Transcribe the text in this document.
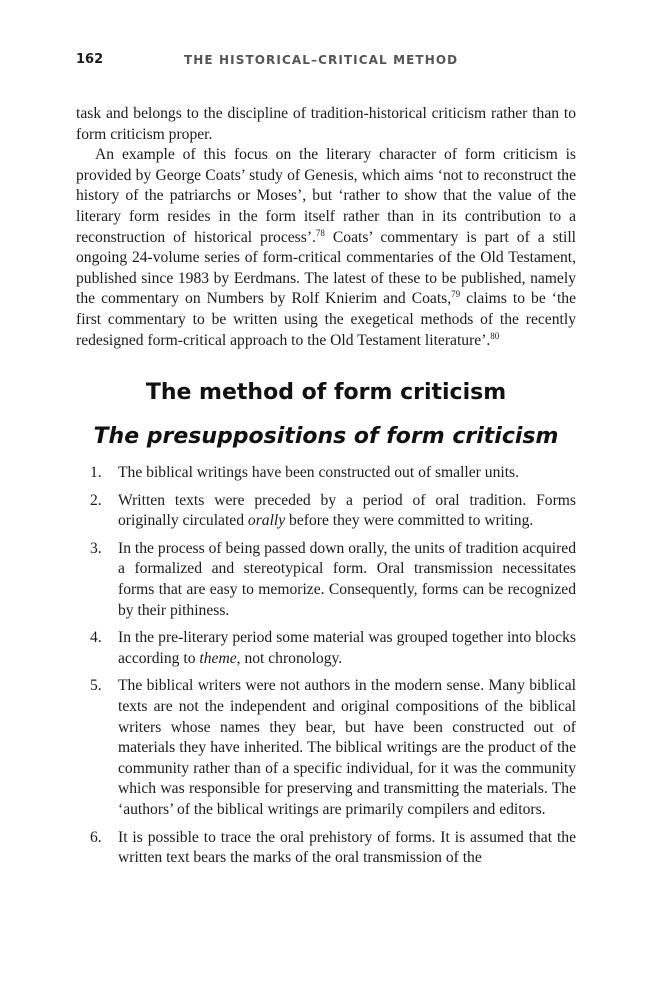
162	THE HISTORICAL–CRITICAL METHOD

task and belongs to the discipline of tradition-historical criticism rather than to form criticism proper.

An example of this focus on the literary character of form criticism is provided by George Coats’ study of Genesis, which aims ‘not to reconstruct the history of the patriarchs or Moses’, but ‘rather to show that the value of the literary form resides in the form itself rather than in its contribution to a reconstruction of historical process’.$^{78}$ Coats’ commentary is part of a still ongoing 24-volume series of form-critical commentaries of the Old Testament, published since 1983 by Eerdmans. The latest of these to be published, namely the commentary on Numbers by Rolf Knierim and Coats,$^{79}$ claims to be ‘the first commentary to be written using the exegetical methods of the recently redesigned form-critical approach to the Old Testament literature’.$^{80}$

The method of form criticism
The presuppositions of form criticism
1. The biblical writings have been constructed out of smaller units.
2. Written texts were preceded by a period of oral tradition. Forms originally circulated orally before they were committed to writing.
3. In the process of being passed down orally, the units of tradition acquired a formalized and stereotypical form. Oral transmission necessitates forms that are easy to memorize. Consequently, forms can be recognized by their pithiness.
4. In the pre-literary period some material was grouped together into blocks according to theme, not chronology.
5. The biblical writers were not authors in the modern sense. Many biblical texts are not the independent and original compositions of the biblical writers whose names they bear, but have been constructed out of materials they have inherited. The biblical writings are the product of the community rather than of a specific individual, for it was the community which was responsible for preserving and transmitting the materials. The ‘authors’ of the biblical writings are primarily compilers and editors.
6. It is possible to trace the oral prehistory of forms. It is assumed that the written text bears the marks of the oral transmission of the
